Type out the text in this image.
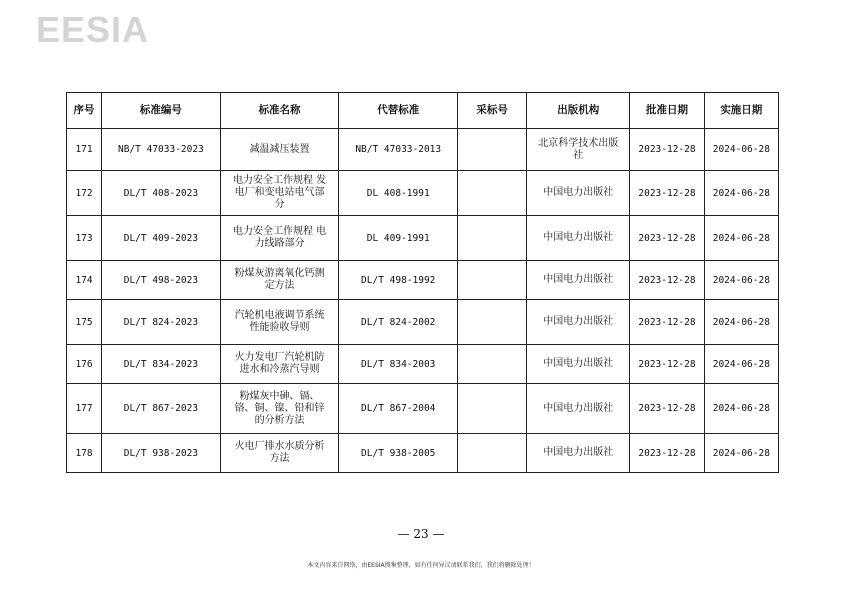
EESIA
序号	标准编号	标准名称	代替标准	采标号	出版机构	批准日期	实施日期
171	NB/T 47033-2023	减温减压装置	NB/T 47033-2013		北京科学技术出版社	2023-12-28	2024-06-28
172	DL/T 408-2023	电力安全工作规程 发电厂和变电站电气部分	DL 408-1991		中国电力出版社	2023-12-28	2024-06-28
173	DL/T 409-2023	电力安全工作规程 电力线路部分	DL 409-1991		中国电力出版社	2023-12-28	2024-06-28
174	DL/T 498-2023	粉煤灰游离氧化钙测定方法	DL/T 498-1992		中国电力出版社	2023-12-28	2024-06-28
175	DL/T 824-2023	汽轮机电液调节系统性能验收导则	DL/T 824-2002		中国电力出版社	2023-12-28	2024-06-28
176	DL/T 834-2023	火力发电厂汽轮机防进水和冷蒸汽导则	DL/T 834-2003		中国电力出版社	2023-12-28	2024-06-28
177	DL/T 867-2023	粉煤灰中砷、镉、铬、铜、镍、铅和锌的分析方法	DL/T 867-2004		中国电力出版社	2023-12-28	2024-06-28
178	DL/T 938-2023	火电厂排水水质分析方法	DL/T 938-2005		中国电力出版社	2023-12-28	2024-06-28
— 23 —
本文内容来自网络，由EESIA搜集整理，如有任何异议请联系我们，我们将删除处理！
